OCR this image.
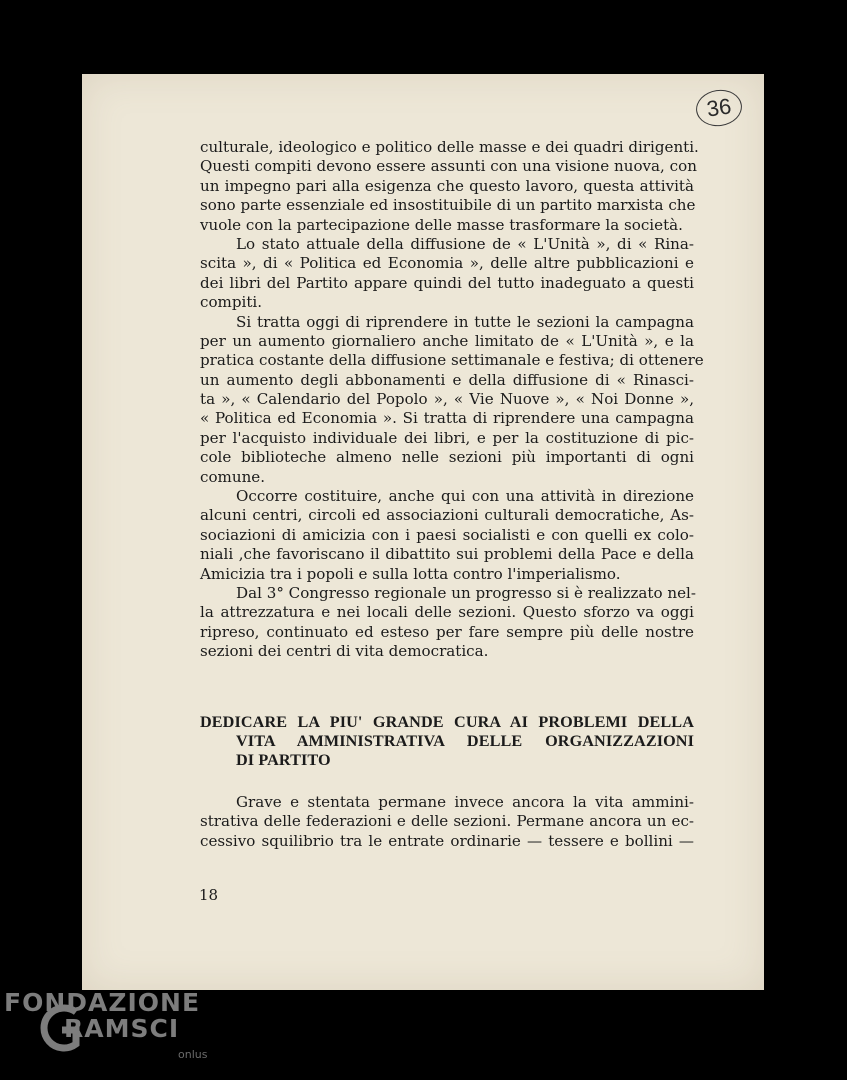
36
culturale, ideologico e politico delle masse e dei quadri dirigenti.
Questi compiti devono essere assunti con una visione nuova, con
un impegno pari alla esigenza che questo lavoro, questa attività
sono parte essenziale ed insostituibile di un partito marxista che
vuole con la partecipazione delle masse trasformare la società.
Lo stato attuale della diffusione de « L'Unità », di « Rina-
scita », di « Politica ed Economia », delle altre pubblicazioni e
dei libri del Partito appare quindi del tutto inadeguato a questi
compiti.
Si tratta oggi di riprendere in tutte le sezioni la campagna
per un aumento giornaliero anche limitato de « L'Unità », e la
pratica costante della diffusione settimanale e festiva; di ottenere
un aumento degli abbonamenti e della diffusione di « Rinasci-
ta », « Calendario del Popolo », « Vie Nuove », « Noi Donne »,
« Politica ed Economia ». Si tratta di riprendere una campagna
per l'acquisto individuale dei libri, e per la costituzione di pic-
cole biblioteche almeno nelle sezioni più importanti di ogni
comune.
Occorre costituire, anche qui con una attività in direzione
alcuni centri, circoli ed associazioni culturali democratiche, As-
sociazioni di amicizia con i paesi socialisti e con quelli ex colo-
niali ,che favoriscano il dibattito sui problemi della Pace e della
Amicizia tra i popoli e sulla lotta contro l'imperialismo.
Dal 3° Congresso regionale un progresso si è realizzato nel-
la attrezzatura e nei locali delle sezioni. Questo sforzo va oggi
ripreso, continuato ed esteso per fare sempre più delle nostre
sezioni dei centri di vita democratica.
DEDICARE LA PIU' GRANDE CURA AI PROBLEMI DELLA
VITA AMMINISTRATIVA DELLE ORGANIZZAZIONI
DI PARTITO
Grave e stentata permane invece ancora la vita ammini-
strativa delle federazioni e delle sezioni. Permane ancora un ec-
cessivo squilibrio tra le entrate ordinarie — tessere e bollini —
18
FONDAZIONE
RAMSCI
onlus
